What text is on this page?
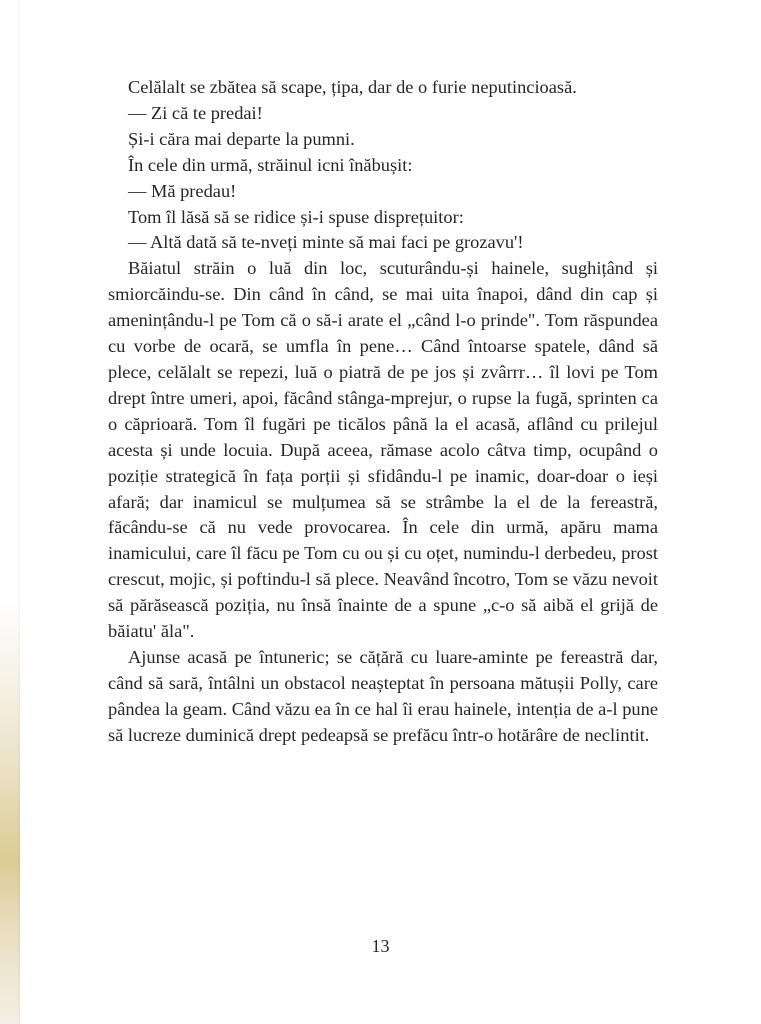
Celălalt se zbătea să scape, țipa, dar de o furie neputincioasă.

— Zi că te predai!

Și-i căra mai departe la pumni.

În cele din urmă, străinul icni înăbușit:

— Mă predau!

Tom îl lăsă să se ridice și-i spuse disprețuitor:

— Altă dată să te-nveți minte să mai faci pe grozavu'!

Băiatul străin o luă din loc, scuturându-și hainele, sughițând și smiorcăindu-se. Din când în când, se mai uita înapoi, dând din cap și amenințându-l pe Tom că o să-i arate el „când l-o prinde". Tom răspundea cu vorbe de ocară, se umfla în pene… Când întoarse spatele, dând să plece, celălalt se repezi, luă o piatră de pe jos și zvârrr… îl lovi pe Tom drept între umeri, apoi, făcând stânga-mprejur, o rupse la fugă, sprinten ca o căprioară. Tom îl fugări pe ticălos până la el acasă, aflând cu prilejul acesta și unde locuia. După aceea, rămase acolo câtva timp, ocupând o poziție strategică în fața porții și sfidându-l pe inamic, doar-doar o ieși afară; dar inamicul se mulțumea să se strâmbe la el de la fereastră, făcându-se că nu vede provocarea. În cele din urmă, apăru mama inamicului, care îl făcu pe Tom cu ou și cu oțet, numindu-l derbedeu, prost crescut, mojic, și poftindu-l să plece. Neavând încotro, Tom se văzu nevoit să părăsească poziția, nu însă înainte de a spune „c-o să aibă el grijă de băiatu' ăla".

Ajunse acasă pe întuneric; se cățără cu luare-aminte pe fereastră dar, când să sară, întâlni un obstacol neașteptat în persoana mătușii Polly, care pândea la geam. Când văzu ea în ce hal îi erau hainele, intenția de a-l pune să lucreze duminică drept pedeapsă se prefăcu într-o hotărâre de neclintit.

13
